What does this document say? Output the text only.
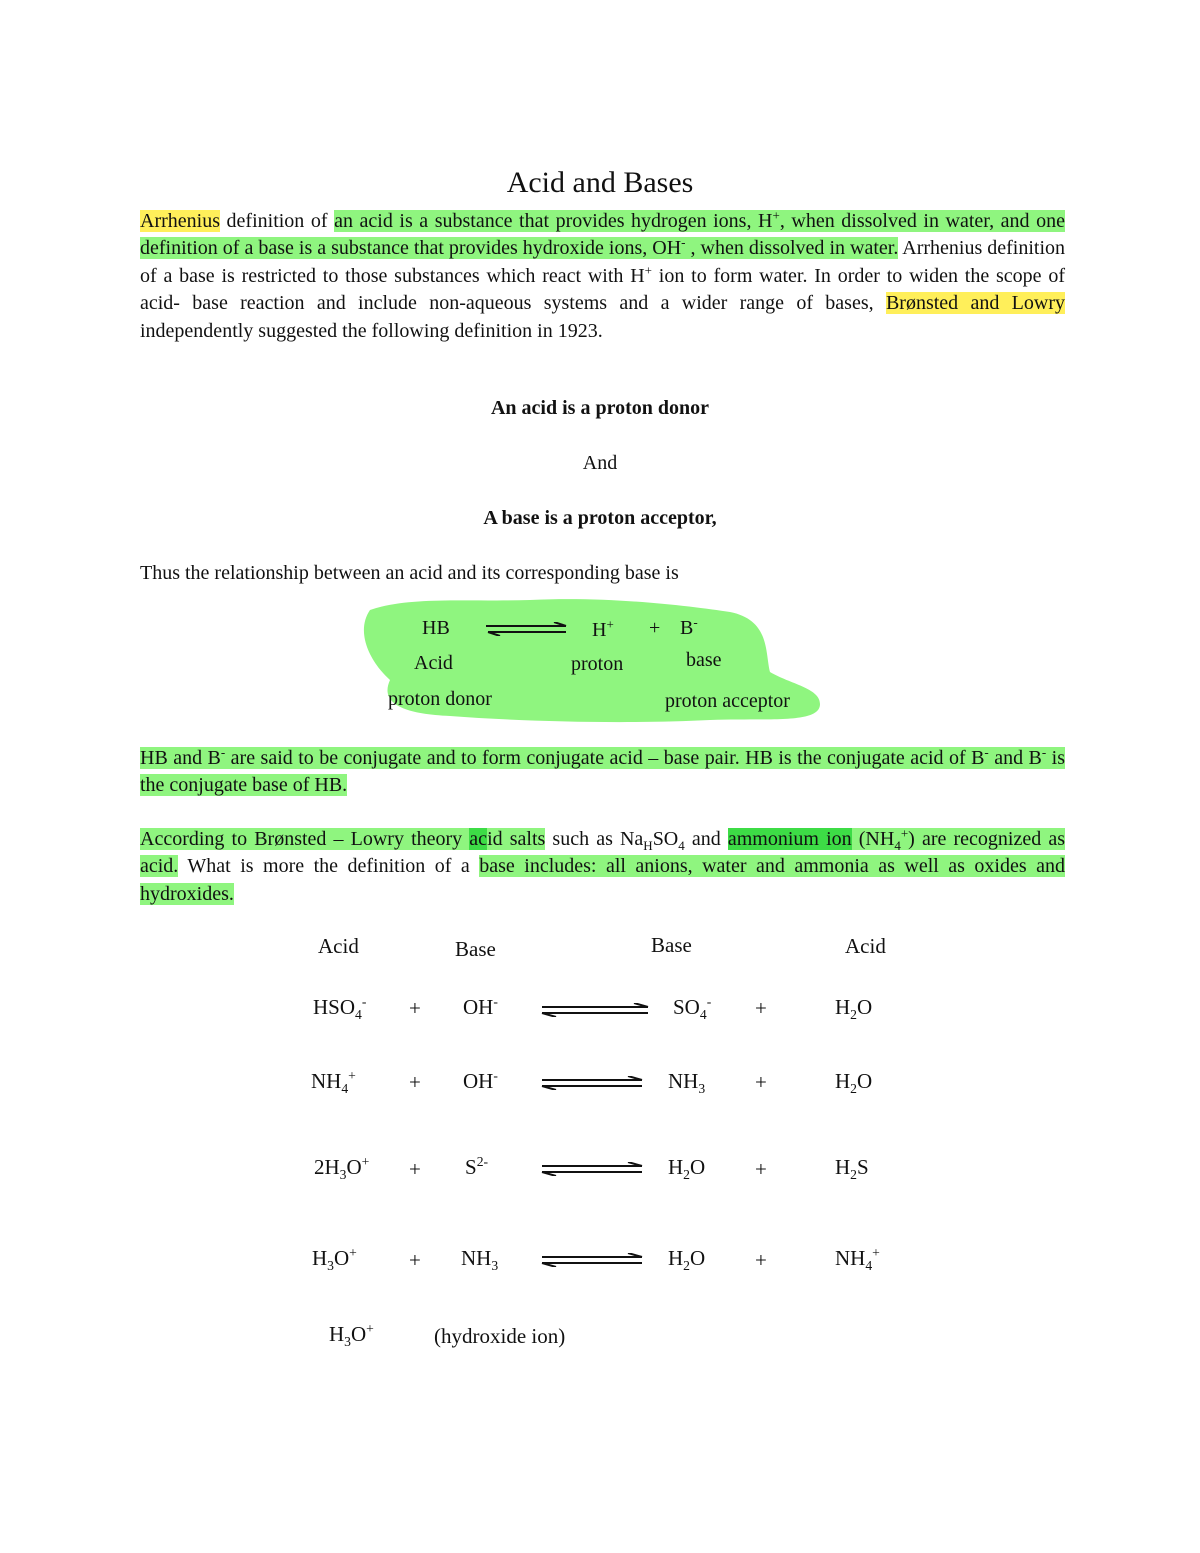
Acid and Bases
Arrhenius definition of an acid is a substance that provides hydrogen ions, H+, when dissolved in water, and one definition of a base is a substance that provides hydroxide ions, OH- , when dissolved in water. Arrhenius definition of a base is restricted to those substances which react with H+ ion to form water. In order to widen the scope of acid- base reaction and include non-aqueous systems and a wider range of bases, Brønsted and Lowry independently suggested the following definition in 1923.
An acid is a proton donor
And
A base is a proton acceptor,
Thus the relationship between an acid and its corresponding base is
HB	H+ + B-
Acid	proton	base
proton donor	proton acceptor
HB and B- are said to be conjugate and to form conjugate acid – base pair. HB is the conjugate acid of B- and B- is the conjugate base of HB.
According to Brønsted – Lowry theory acid salts such as $Na_HSO_4$ and ammonium ion $(NH_4^+)$ are recognized as acid. What is more the definition of a base includes: all anions, water and ammonia as well as oxides and hydroxides.
Acid	Base	Base	Acid
$HSO_4^- + OH^-$	$SO_4^-$ +	$H_2O$
$NH_4^+$	+ OH-	$NH_3$ +	$H_2O$
$2H_3O^+ + S^{2-}$	$H_2O$ +	$H_2S$
$H_3O^+ + NH_3$	$H_2O$ +	$NH_4^+$
$H_3O^+$	(hydroxide ion)
